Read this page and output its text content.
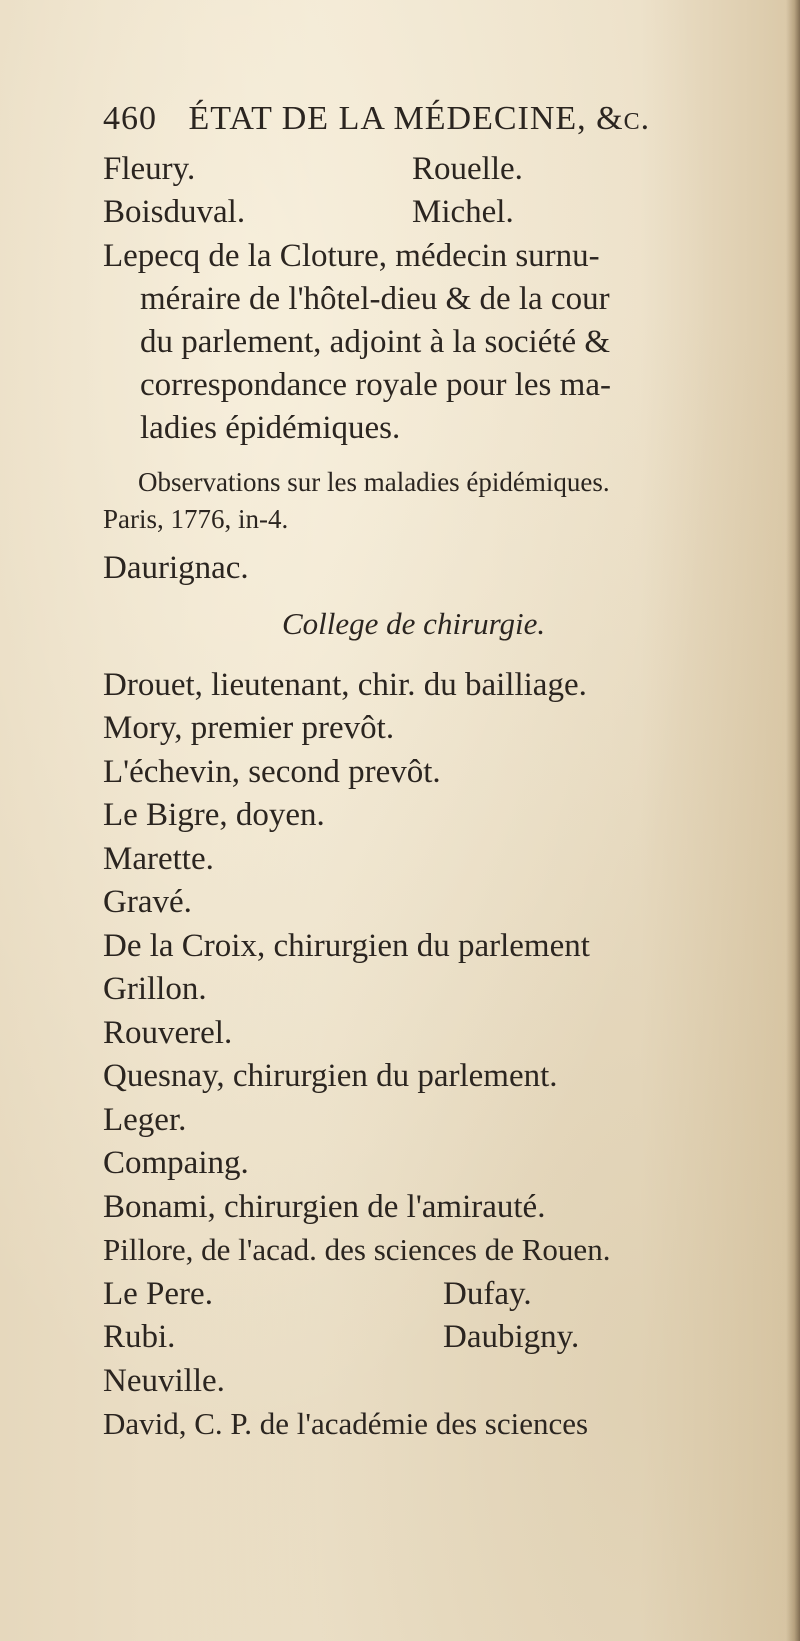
460 ÉTAT DE LA MÉDECINE, &c.
Fleury.	Rouelle.
Boisduval.	Michel.
Lepecq de la Cloture, médecin surnu-
méraire de l'hôtel-dieu & de la cour
du parlement, adjoint à la société &
correspondance royale pour les ma-
ladies épidémiques.
Observations sur les maladies épidémiques.
Paris, 1776, in-4.
Daurignac.
College de chirurgie.
Drouet, lieutenant, chir. du bailliage.
Mory, premier prevôt.
L'échevin, second prevôt.
Le Bigre, doyen.
Marette.
Gravé.
De la Croix, chirurgien du parlement
Grillon.
Rouverel.
Quesnay, chirurgien du parlement.
Leger.
Compaing.
Bonami, chirurgien de l'amirauté.
Pillore, de l'acad. des sciences de Rouen.
Le Pere.	Dufay.
Rubi.	Daubigny.
Neuville.
David, C. P. de l'académie des sciences
